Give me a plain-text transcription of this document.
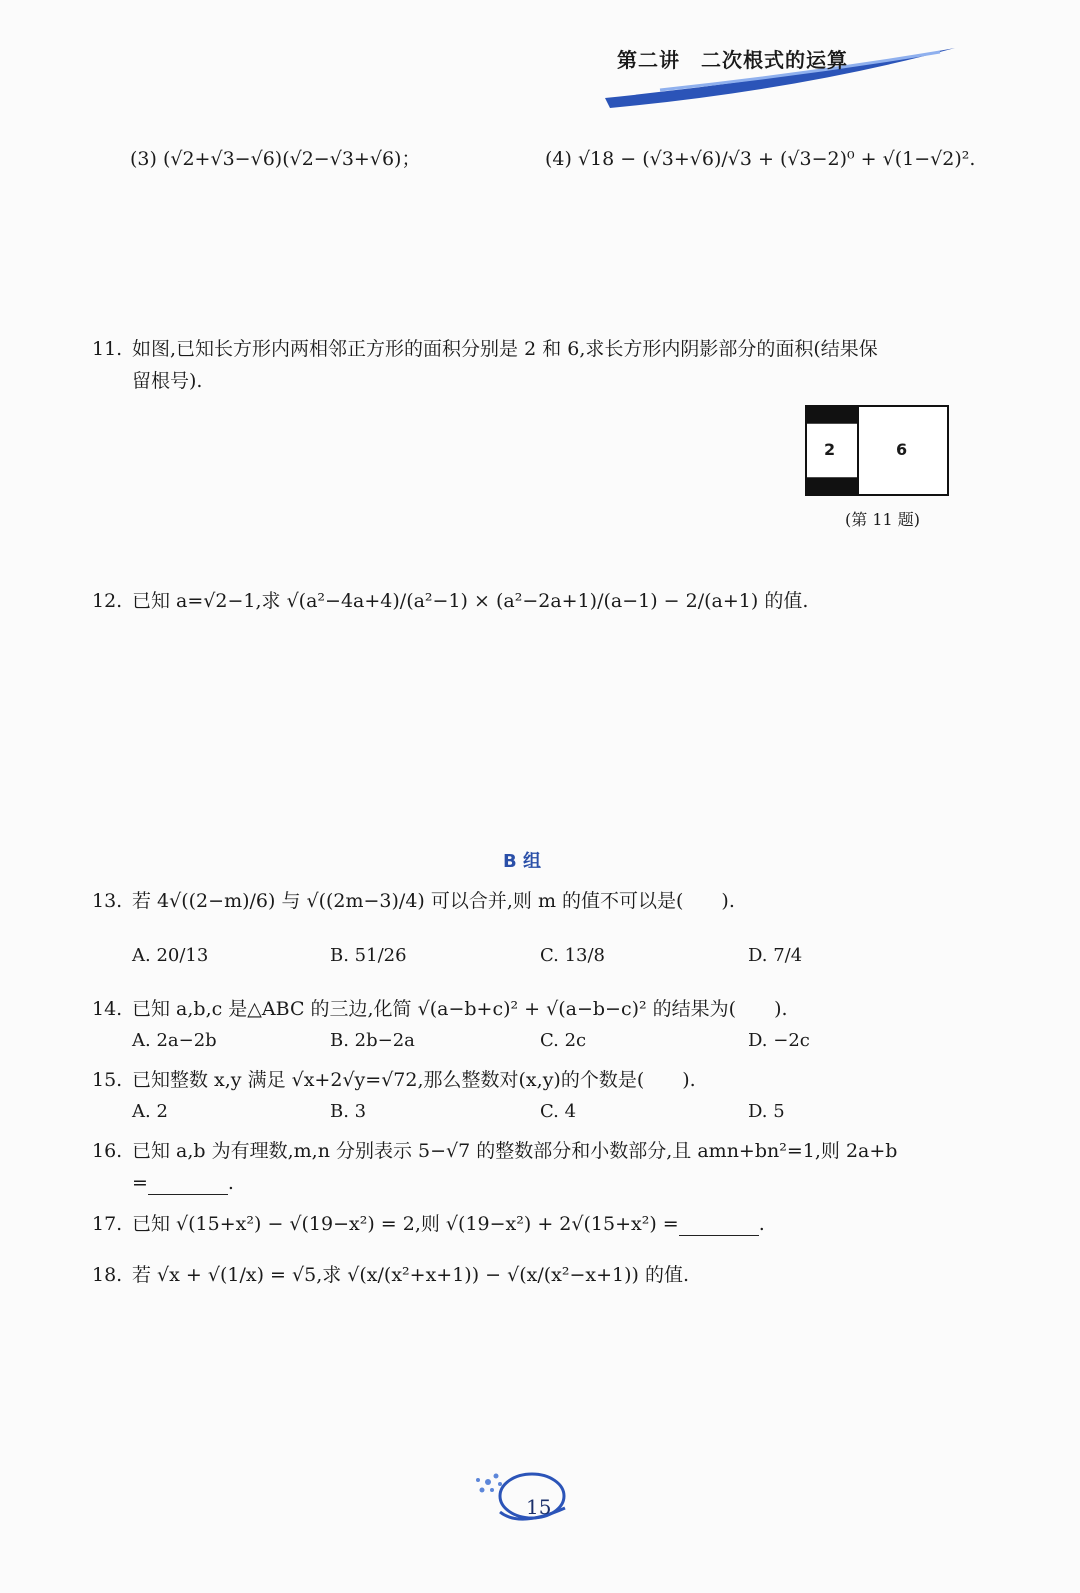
第二讲　二次根式的运算
(3) (√2+√3−√6)(√2−√3+√6)；	(4) √18 − (√3+√6)/√3 + (√3−2)⁰ + √(1−√2)².
11. 如图,已知长方形内两相邻正方形的面积分别是 2 和 6,求长方形内阴影部分的面积(结果保
留根号).
2	6
(第 11 题)
12. 已知 a=√2−1,求 √(a²−4a+4)/(a²−1) × (a²−2a+1)/(a−1) − 2/(a+1) 的值.
B 组
13. 若 4√((2−m)/6) 与 √((2m−3)/4) 可以合并,则 m 的值不可以是(　　).
A. 20/13	B. 51/26	C. 13/8	D. 7/4
14. 已知 a,b,c 是△ABC 的三边,化简 √(a−b+c)² + √(a−b−c)² 的结果为(　　).
A. 2a−2b	B. 2b−2a	C. 2c	D. −2c
15. 已知整数 x,y 满足 √x+2√y=√72,那么整数对(x,y)的个数是(　　).
A. 2	B. 3	C. 4	D. 5
16. 已知 a,b 为有理数,m,n 分别表示 5−√7 的整数部分和小数部分,且 amn+bn²=1,则 2a+b
=	.
17. 已知 √(15+x²) − √(19−x²) = 2,则 √(19−x²) + 2√(15+x²) =	.
18. 若 √x + √(1/x) = √5,求 √(x/(x²+x+1)) − √(x/(x²−x+1)) 的值.
15
